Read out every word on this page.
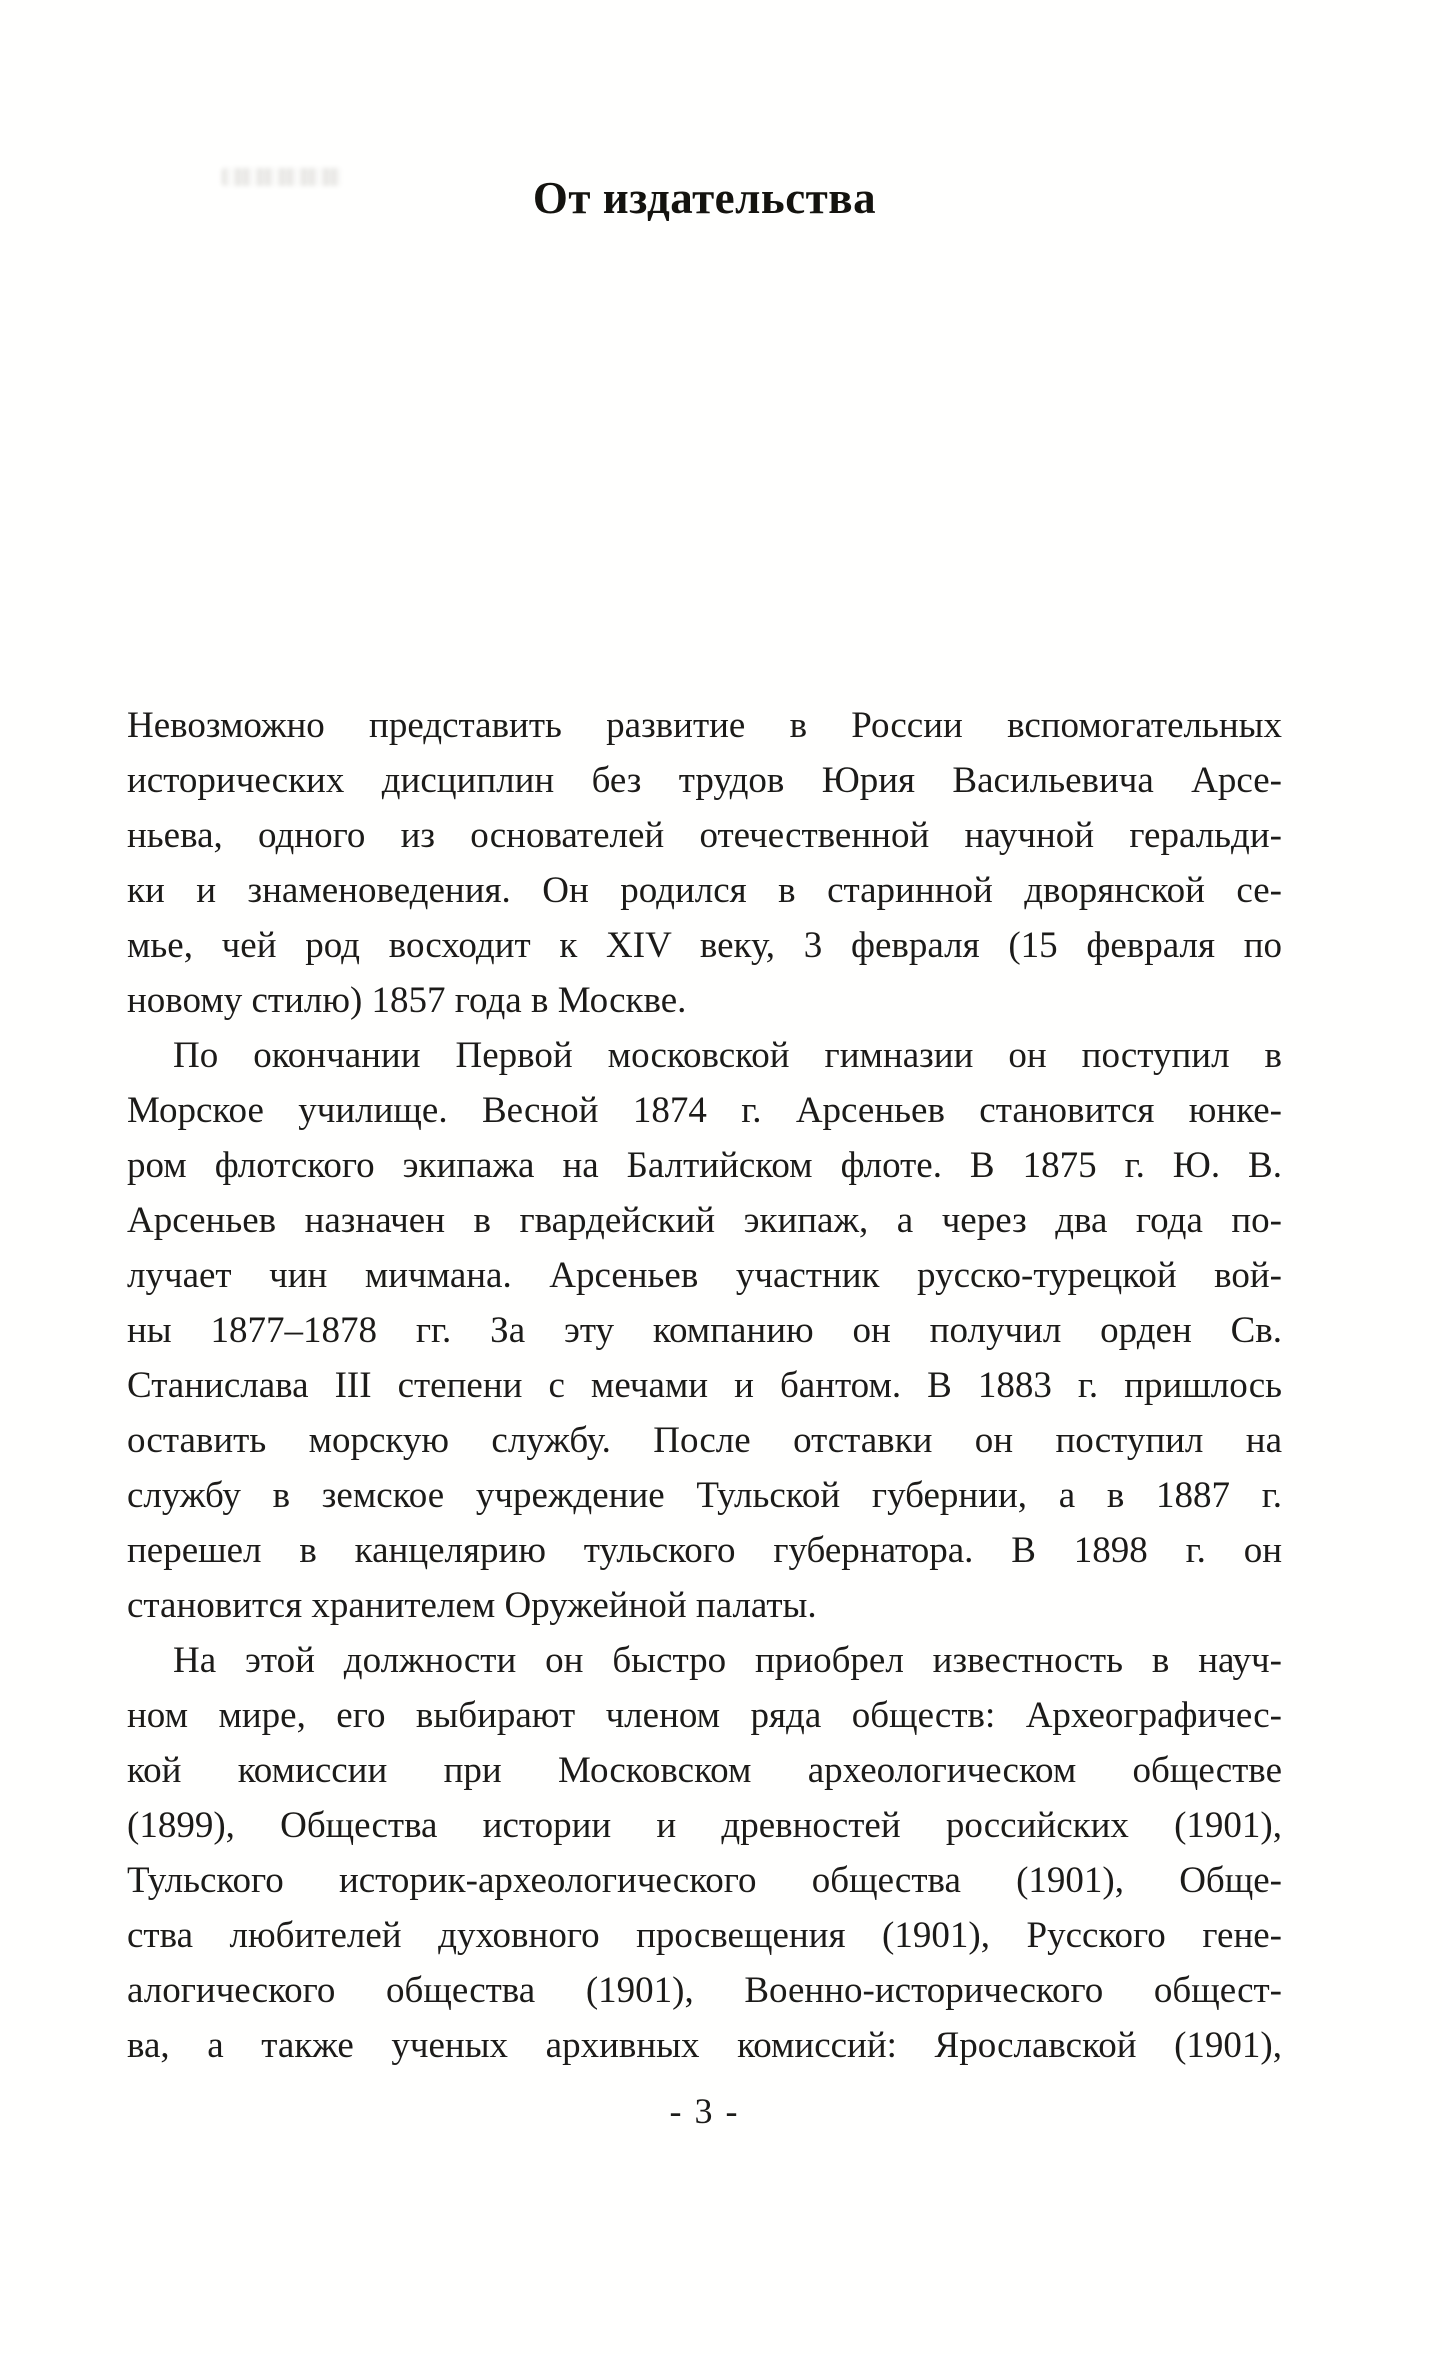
От издательства
Невозможно представить развитие в России вспомогательных
исторических дисциплин без трудов Юрия Васильевича Арсе-
ньева, одного из основателей отечественной научной геральди-
ки и знаменоведения. Он родился в старинной дворянской се-
мье, чей род восходит к XIV веку, 3 февраля (15 февраля по
новому стилю) 1857 года в Москве.
По окончании Первой московской гимназии он поступил в
Морское училище. Весной 1874 г. Арсеньев становится юнке-
ром флотского экипажа на Балтийском флоте. В 1875 г. Ю. В.
Арсеньев назначен в гвардейский экипаж, а через два года по-
лучает чин мичмана. Арсеньев участник русско-турецкой вой-
ны 1877–1878 гг. За эту компанию он получил орден Св.
Станислава III степени с мечами и бантом. В 1883 г. пришлось
оставить морскую службу. После отставки он поступил на
службу в земское учреждение Тульской губернии, а в 1887 г.
перешел в канцелярию тульского губернатора. В 1898 г. он
становится хранителем Оружейной палаты.
На этой должности он быстро приобрел известность в науч-
ном мире, его выбирают членом ряда обществ: Археографичес-
кой комиссии при Московском археологическом обществе
(1899), Общества истории и древностей российских (1901),
Тульского историк-археологического общества (1901), Обще-
ства любителей духовного просвещения (1901), Русского гене-
алогического общества (1901), Военно-исторического общест-
ва, а также ученых архивных комиссий: Ярославской (1901),
- 3 -
